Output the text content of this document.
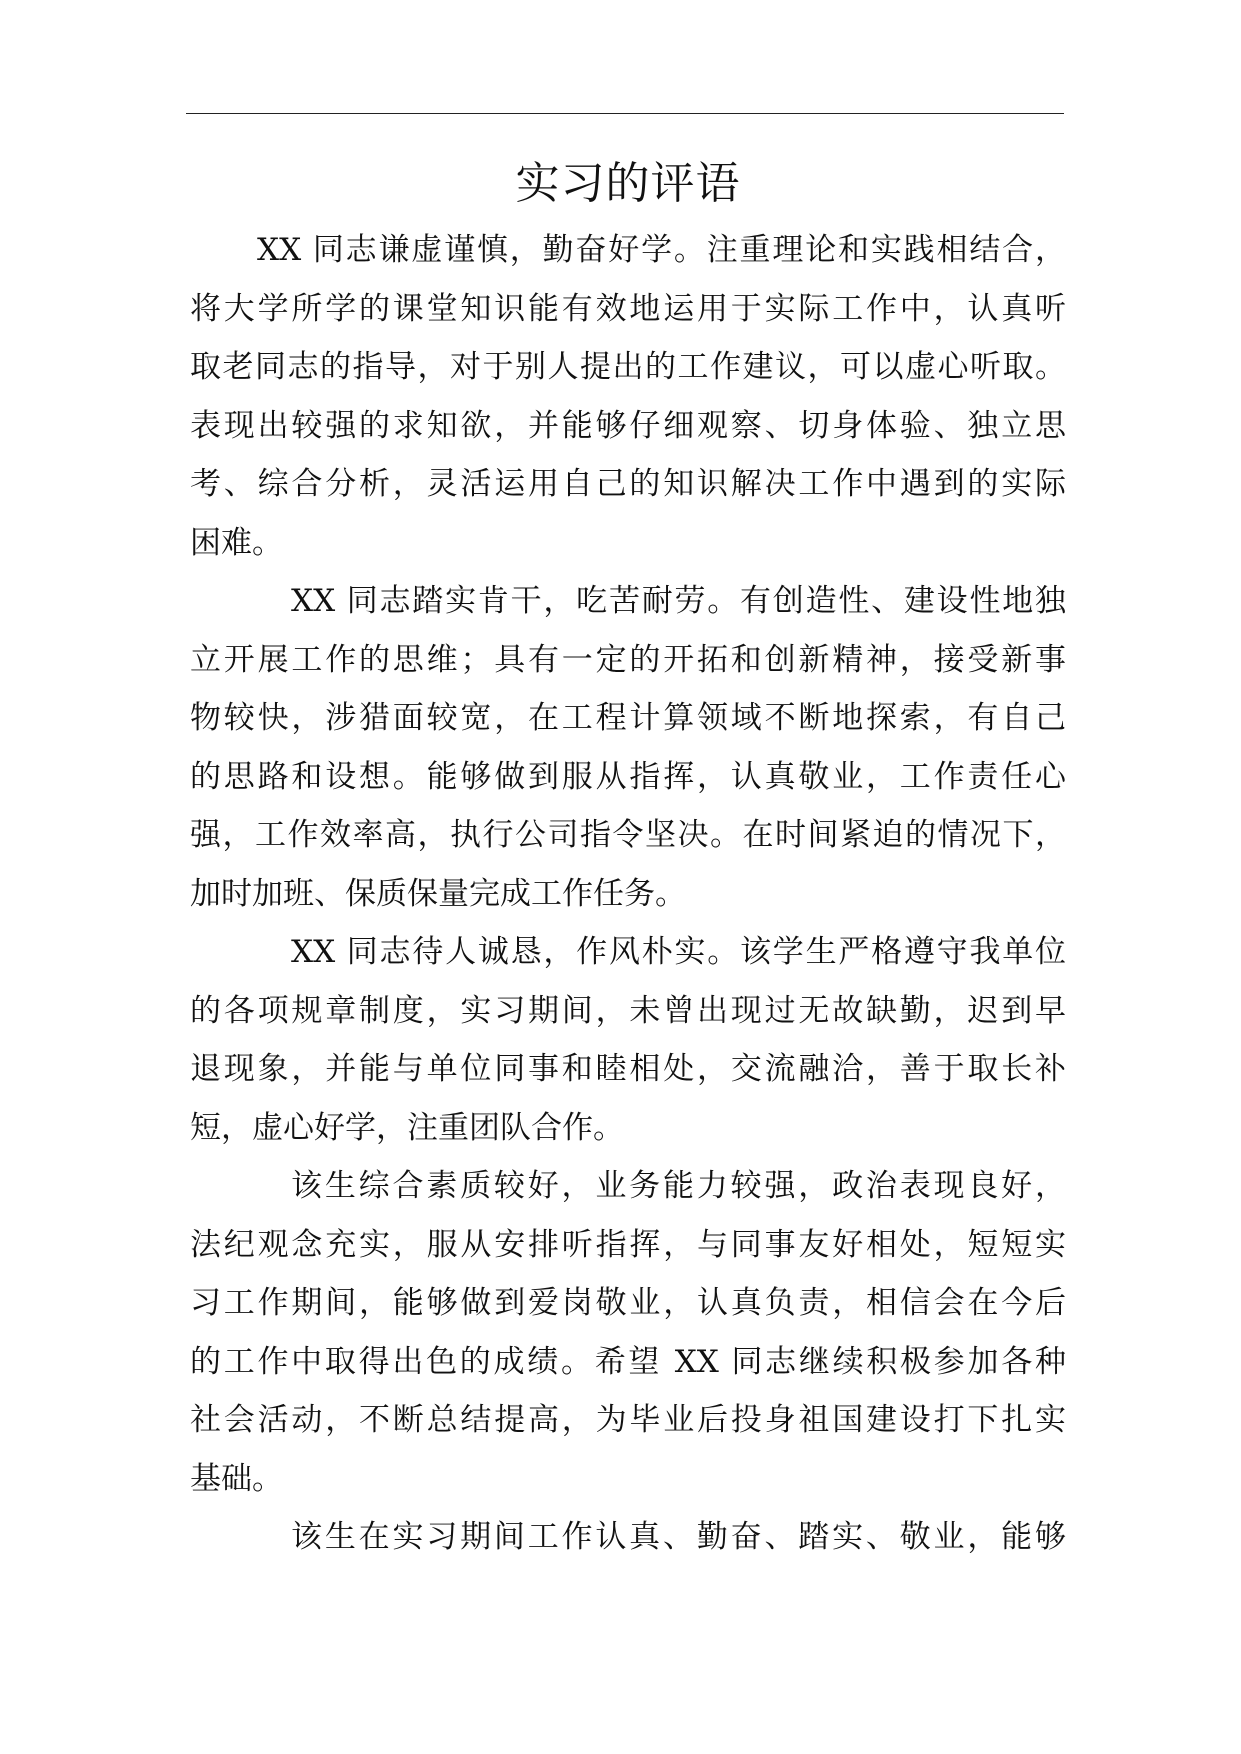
实习的评语
XX 同志谦虚谨慎，勤奋好学。注重理论和实践相结合，
将大学所学的课堂知识能有效地运用于实际工作中，认真听
取老同志的指导，对于别人提出的工作建议，可以虚心听取。
表现出较强的求知欲，并能够仔细观察、切身体验、独立思
考、综合分析，灵活运用自己的知识解决工作中遇到的实际
困难。
XX 同志踏实肯干，吃苦耐劳。有创造性、建设性地独
立开展工作的思维；具有一定的开拓和创新精神，接受新事
物较快，涉猎面较宽，在工程计算领域不断地探索，有自己
的思路和设想。能够做到服从指挥，认真敬业，工作责任心
强，工作效率高，执行公司指令坚决。在时间紧迫的情况下，
加时加班、保质保量完成工作任务。
XX 同志待人诚恳，作风朴实。该学生严格遵守我单位
的各项规章制度，实习期间，未曾出现过无故缺勤，迟到早
退现象，并能与单位同事和睦相处，交流融洽，善于取长补
短，虚心好学，注重团队合作。
该生综合素质较好，业务能力较强，政治表现良好，
法纪观念充实，服从安排听指挥，与同事友好相处，短短实
习工作期间，能够做到爱岗敬业，认真负责，相信会在今后
的工作中取得出色的成绩。希望 XX 同志继续积极参加各种
社会活动，不断总结提高，为毕业后投身祖国建设打下扎实
基础。
该生在实习期间工作认真、勤奋、踏实、敬业，能够
